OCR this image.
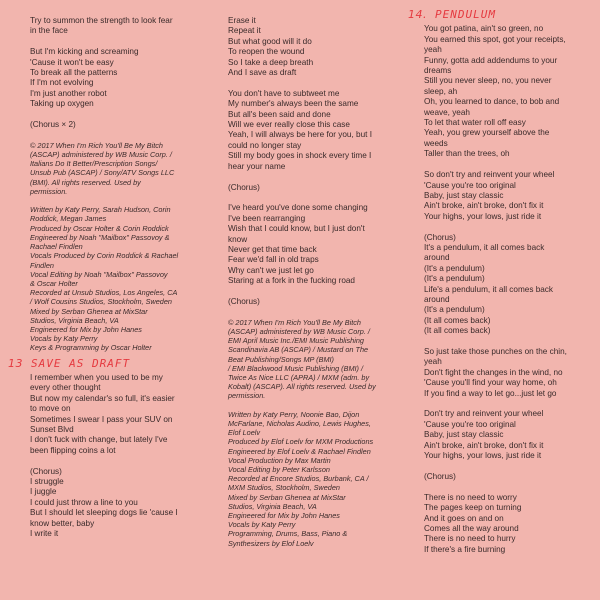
Try to summon the strength to look fear
in the face

But I'm kicking and screaming
'Cause it won't be easy
To break all the patterns
If I'm not evolving
I'm just another robot
Taking up oxygen

(Chorus × 2)
© 2017 When I'm Rich You'll Be My Bitch
(ASCAP) administered by WB Music Corp. /
Italians Do It Better/Prescription Songs/
Unsub Pub (ASCAP) / Sony/ATV Songs LLC
(BMI). All rights reserved. Used by
permission.

Written by Katy Perry, Sarah Hudson, Corin
Roddick, Megan James
Produced by Oscar Holter & Corin Roddick
Engineered by Noah "Mailbox" Passovoy &
Rachael Findlen
Vocals Produced by Corin Roddick & Rachael
Findlen
Vocal Editing by Noah "Mailbox" Passovoy
& Oscar Holter
Recorded at Unsub Studios, Los Angeles, CA
/ Wolf Cousins Studios, Stockholm, Sweden
Mixed by Serban Gheneа at MixStar
Studios, Virginia Beach, VA
Engineered for Mix by John Hanes
Vocals by Katy Perry
Keys & Programming by Oscar Holter
13 SAVE AS DRAFT
I remember when you used to be my
every other thought
But now my calendar's so full, it's easier
to move on
Sometimes I swear I pass your SUV on
Sunset Blvd
I don't fuck with change, but lately I've
been flipping coins a lot

(Chorus)
I struggle
I juggle
I could just throw a line to you
But I should let sleeping dogs lie 'cause I
know better, baby
I write it
Erase it
Repeat it
But what good will it do
To reopen the wound
So I take a deep breath
And I save as draft

You don't have to subtweet me
My number's always been the same
But all's been said and done
Will we ever really close this case
Yeah, I will always be here for you, but I
could no longer stay
Still my body goes in shock every time I
hear your name

(Chorus)

I've heard you've done some changing
I've been rearranging
Wish that I could know, but I just don't
know
Never get that time back
Fear we'd fall in old traps
Why can't we just let go
Staring at a fork in the fucking road

(Chorus)
© 2017 When I'm Rich You'll Be My Bitch
(ASCAP) administered by WB Music Corp. /
EMI April Music Inc./EMI Music Publishing
Scandinavia AB (ASCAP) / Mustard on The
Beat Publishing/Songs MP (BMI)
/ EMI Blackwood Music Publishing (BMI) /
Twice As Nice LLC (APRA) / MXM (adm. by
Kobalt) (ASCAP). All rights reserved. Used by
permission.

Written by Katy Perry, Noonie Bao, Dijon
McFarlane, Nicholas Audino, Lewis Hughes,
Elof Loelv
Produced by Elof Loelv for MXM Productions
Engineered by Elof Loelv & Rachael Findlen
Vocal Production by Max Martin
Vocal Editing by Peter Karlsson
Recorded at Encore Studios, Burbank, CA /
MXM Studios, Stockholm, Sweden
Mixed by Serban Gheneа at MixStar
Studios, Virginia Beach, VA
Engineered for Mix by John Hanes
Vocals by Katy Perry
Programming, Drums, Bass, Piano &
Synthesizers by Elof Loelv
14. PENDULUM
You got patina, ain't so green, no
You earned this spot, got your receipts,
yeah
Funny, gotta add addendums to your
dreams
Still you never sleep, no, you never
sleep, ah
Oh, you learned to dance, to bob and
weave, yeah
To let that water roll off easy
Yeah, you grew yourself above the
weeds
Taller than the trees, oh

So don't try and reinvent your wheel
'Cause you're too original
Baby, just stay classic
Ain't broke, ain't broke, don't fix it
Your highs, your lows, just ride it

(Chorus)
It's a pendulum, it all comes back
around
(It's a pendulum)
(It's a pendulum)
Life's a pendulum, it all comes back
around
(It's a pendulum)
(It all comes back)
(It all comes back)

So just take those punches on the chin,
yeah
Don't fight the changes in the wind, no
'Cause you'll find your way home, oh
If you find a way to let go...just let go

Don't try and reinvent your wheel
'Cause you're too original
Baby, just stay classic
Ain't broke, ain't broke, don't fix it
Your highs, your lows, just ride it

(Chorus)

There is no need to worry
The pages keep on turning
And it goes on and on
Comes all the way around
There is no need to hurry
If there's a fire burning
